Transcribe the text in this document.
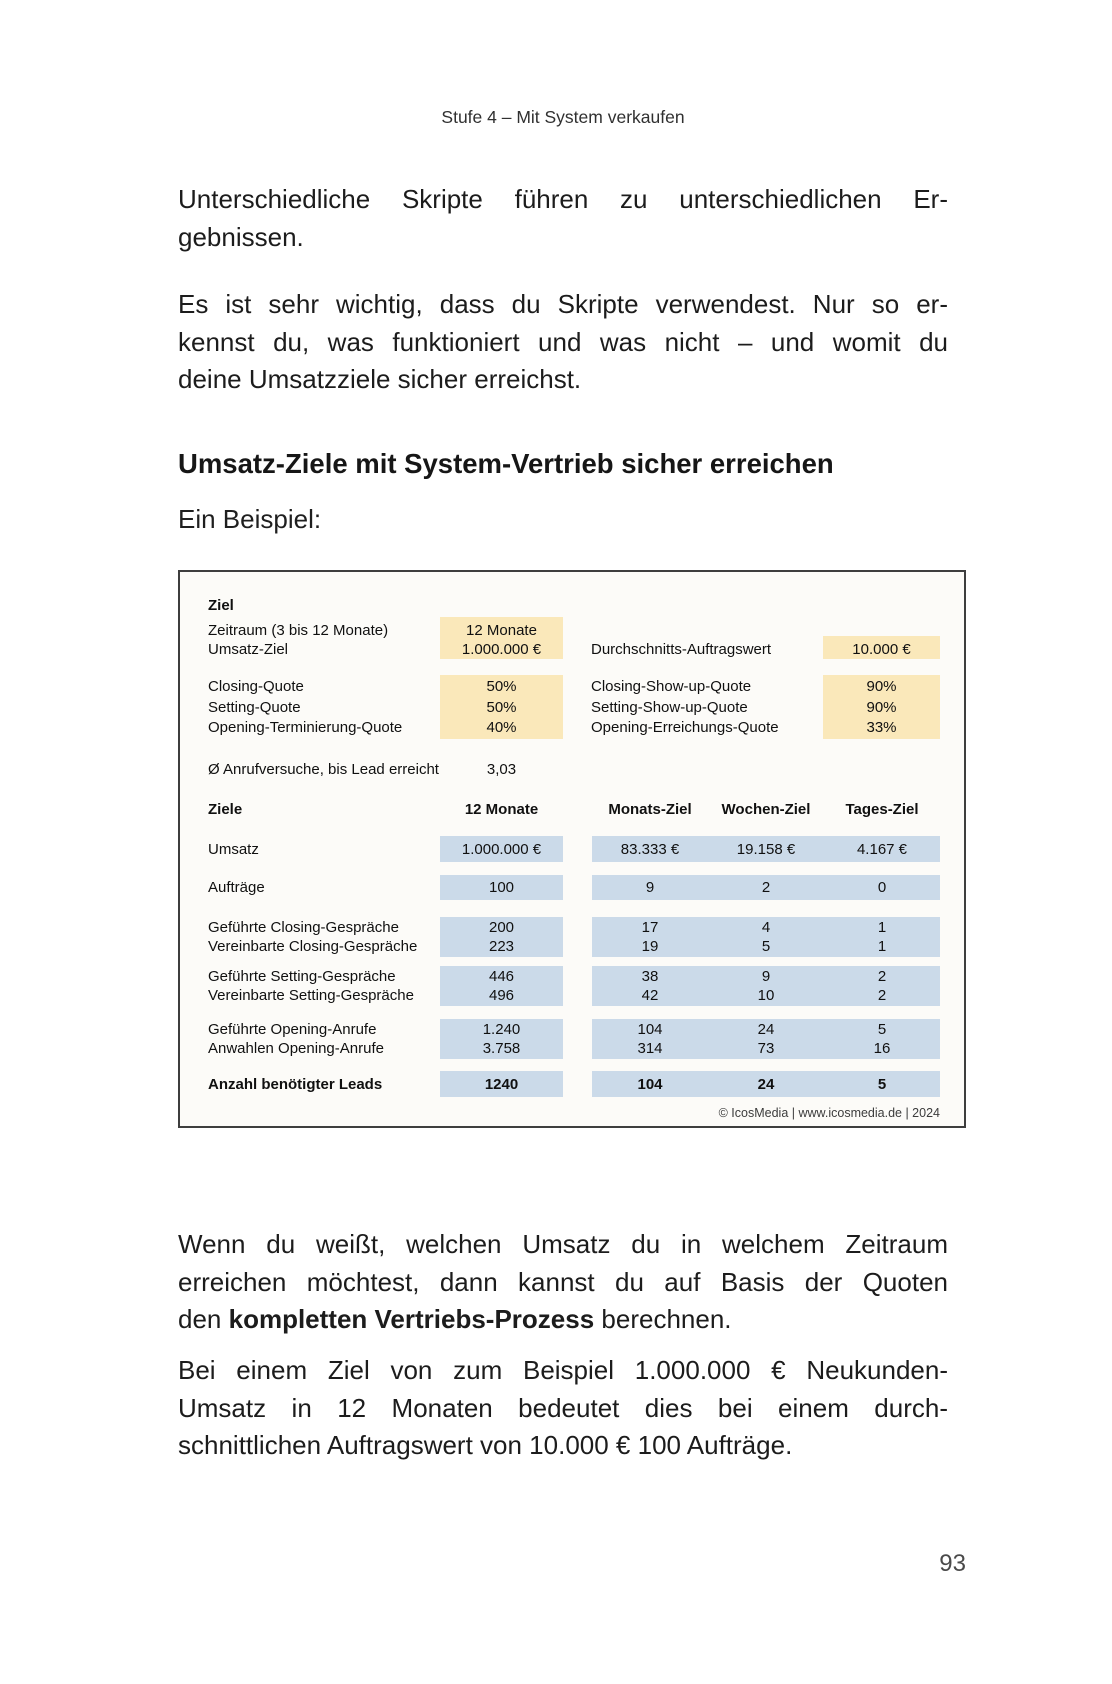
Stufe 4 – Mit System verkaufen
Unterschiedliche Skripte führen zu unterschiedlichen Er-
gebnissen.
Es ist sehr wichtig, dass du Skripte verwendest. Nur so er-
kennst du, was funktioniert und was nicht – und womit du
deine Umsatzziele sicher erreichst.
Umsatz-Ziele mit System-Vertrieb sicher erreichen
Ein Beispiel:
Ziel
Zeitraum (3 bis 12 Monate)	12 Monate
Umsatz-Ziel	1.000.000 €	Durchschnitts-Auftragswert	10.000 €
Closing-Quote	50%	Closing-Show-up-Quote	90%
Setting-Quote	50%	Setting-Show-up-Quote	90%
Opening-Terminierung-Quote	40%	Opening-Erreichungs-Quote	33%
Ø Anrufversuche, bis Lead erreicht	3,03
Ziele	12 Monate	Monats-Ziel	Wochen-Ziel	Tages-Ziel
Umsatz	1.000.000 €	83.333 €	19.158 €	4.167 €
Aufträge	100	9	2	0
Geführte Closing-Gespräche	200	17	4	1
Vereinbarte Closing-Gespräche	223	19	5	1
Geführte Setting-Gespräche	446	38	9	2
Vereinbarte Setting-Gespräche	496	42	10	2
Geführte Opening-Anrufe	1.240	104	24	5
Anwahlen Opening-Anrufe	3.758	314	73	16
Anzahl benötigter Leads	1240	104	24	5
© IcosMedia | www.icosmedia.de | 2024
Wenn du weißt, welchen Umsatz du in welchem Zeitraum
erreichen möchtest, dann kannst du auf Basis der Quoten
den kompletten Vertriebs-Prozess berechnen.
Bei einem Ziel von zum Beispiel 1.000.000 € Neukunden-
Umsatz in 12 Monaten bedeutet dies bei einem durch-
schnittlichen Auftragswert von 10.000 € 100 Aufträge.
93
